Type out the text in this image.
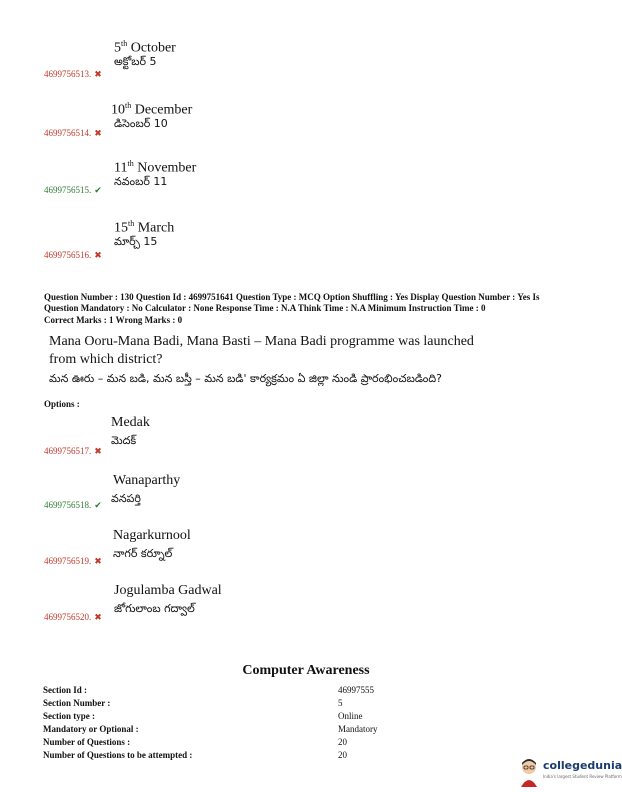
5th October
అక్టోబర్ 5
4699756513. ✖
10th December
డిసెంబర్ 10
4699756514. ✖
11th November
నవంబర్ 11
4699756515. ✔
15th March
మార్చ్ 15
4699756516. ✖
Question Number : 130 Question Id : 4699751641 Question Type : MCQ Option Shuffling : Yes Display Question Number : Yes Is
Question Mandatory : No Calculator : None Response Time : N.A Think Time : N.A Minimum Instruction Time : 0
Correct Marks : 1 Wrong Marks : 0
Mana Ooru-Mana Badi, Mana Basti – Mana Badi programme was launched
from which district?
మన ఊరు – మన బడి, మన బస్తీ – మన బడి' కార్యక్రమం ఏ జిల్లా నుండి ప్రారంభించబడింది?
Options :
Medak
మెదక్
4699756517. ✖
Wanaparthy
వనపర్తి
4699756518. ✔
Nagarkurnool
నాగర్ కర్నూల్
4699756519. ✖
Jogulamba Gadwal
జోగులాంబ గద్వాల్
4699756520. ✖
Computer Awareness
Section Id :	46997555
Section Number :	5
Section type :	Online
Mandatory or Optional :	Mandatory
Number of Questions :	20
Number of Questions to be attempted :	20
collegedunia
India's largest Student Review Platform
